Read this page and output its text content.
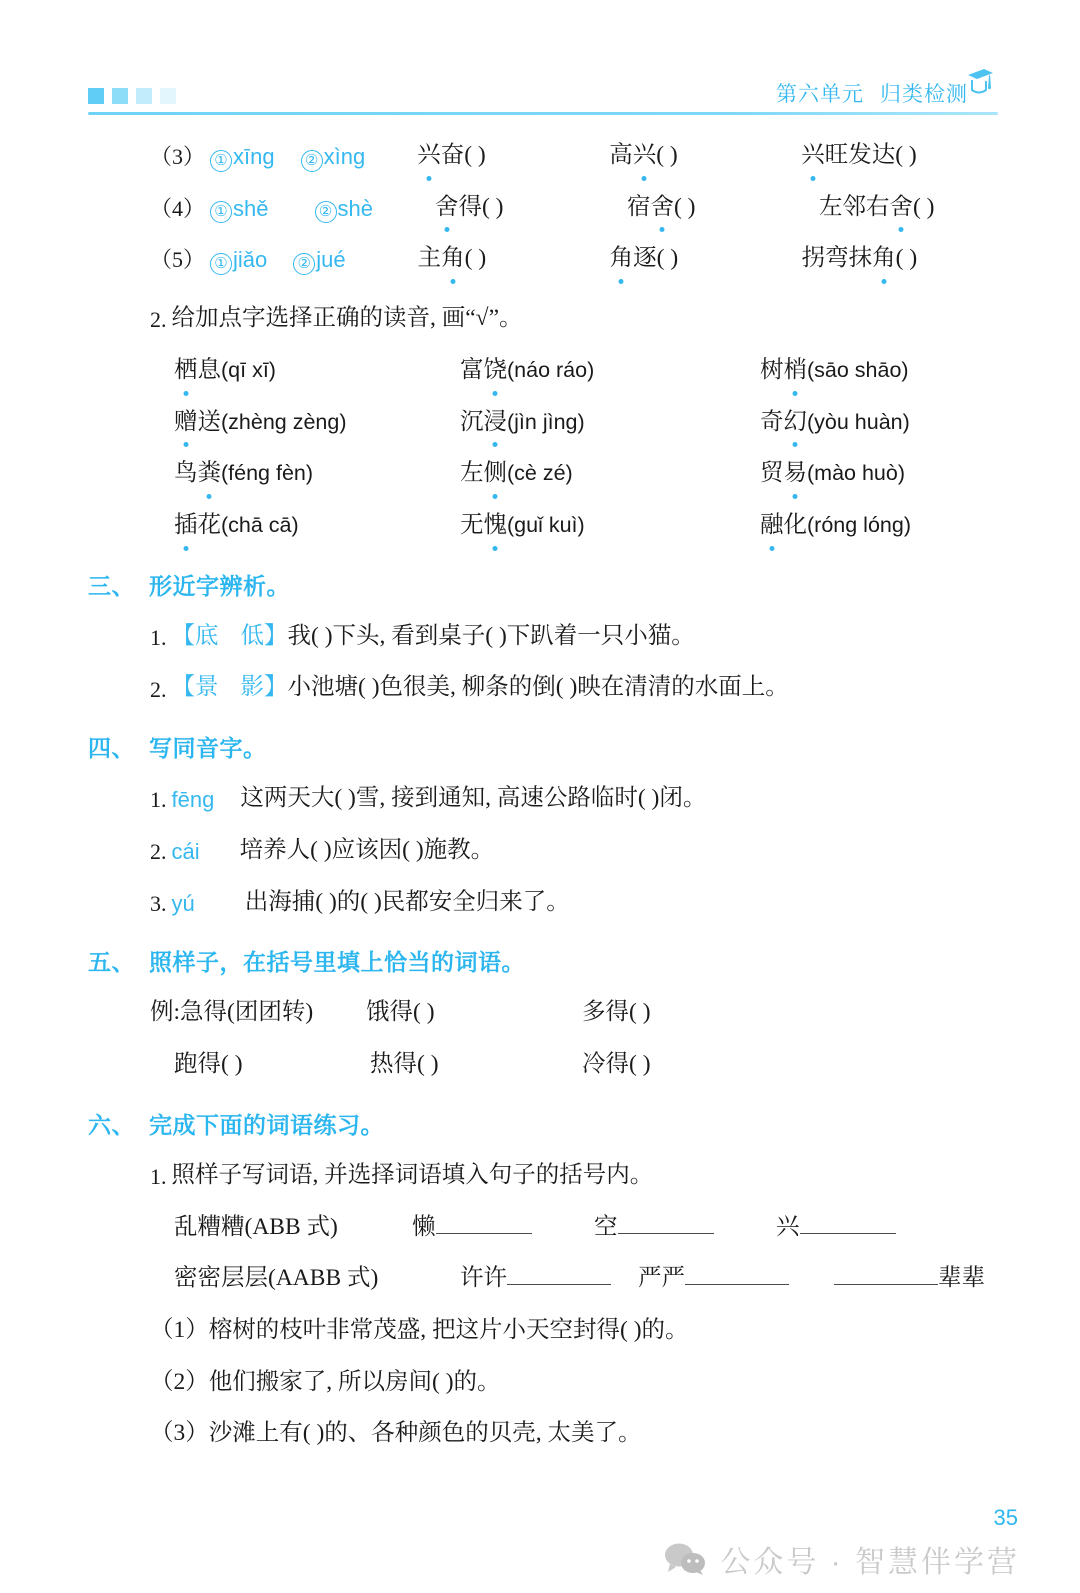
第六单元 归类检测
（3） ① xīng ② xìng 兴奋( )	高兴( )	兴旺发达( )
（4） ① shě	② shè	舍得( )	宿舍( )	左邻右舍( )
（5） ① jiǎo ② jué	主角( )	角逐( )	拐弯抹角( )
2. 给加点字选择正确的读音, 画“√”。
栖息(qī xī)	富饶(náo ráo)	树梢(sāo shāo)
赠送(zhèng zèng)	沉浸(jìn jìng)	奇幻(yòu huàn)
鸟粪(féng fèn)	左侧(cè zé)	贸易(mào huò)
插花(chā cā)	无愧(guǐ kuì)	融化(róng lóng)
三、 形近字辨析。
1. 【 底 低 】 我( )下头, 看到桌子( )下趴着一只小猫。
2. 【 景 影 】 小池塘( )色很美, 柳条的倒( )映在清清的水面上。
四、 写同音字。
1. fēng 这两天大( )雪, 接到通知, 高速公路临时( )闭。
2. cái 培养人( )应该因( )施教。
3. yú 出海捕( )的( )民都安全归来了。
五、 照样子，在括号里填上恰当的词语。
例:急得(团团转)	饿得( )	多得( )
跑得( )	热得( )	冷得( )
六、 完成下面的词语练习。
1. 照样子写词语, 并选择词语填入句子的括号内。
乱糟糟(ABB 式)	懒	空	兴
密密层层(AABB 式)	许许	严严	辈辈
（1） 榕树的枝叶非常茂盛, 把这片小天空封得( )的。
（2） 他们搬家了, 所以房间( )的。
（3） 沙滩上有( )的、各种颜色的贝壳, 太美了。
35
公众号 · 智慧伴学营
